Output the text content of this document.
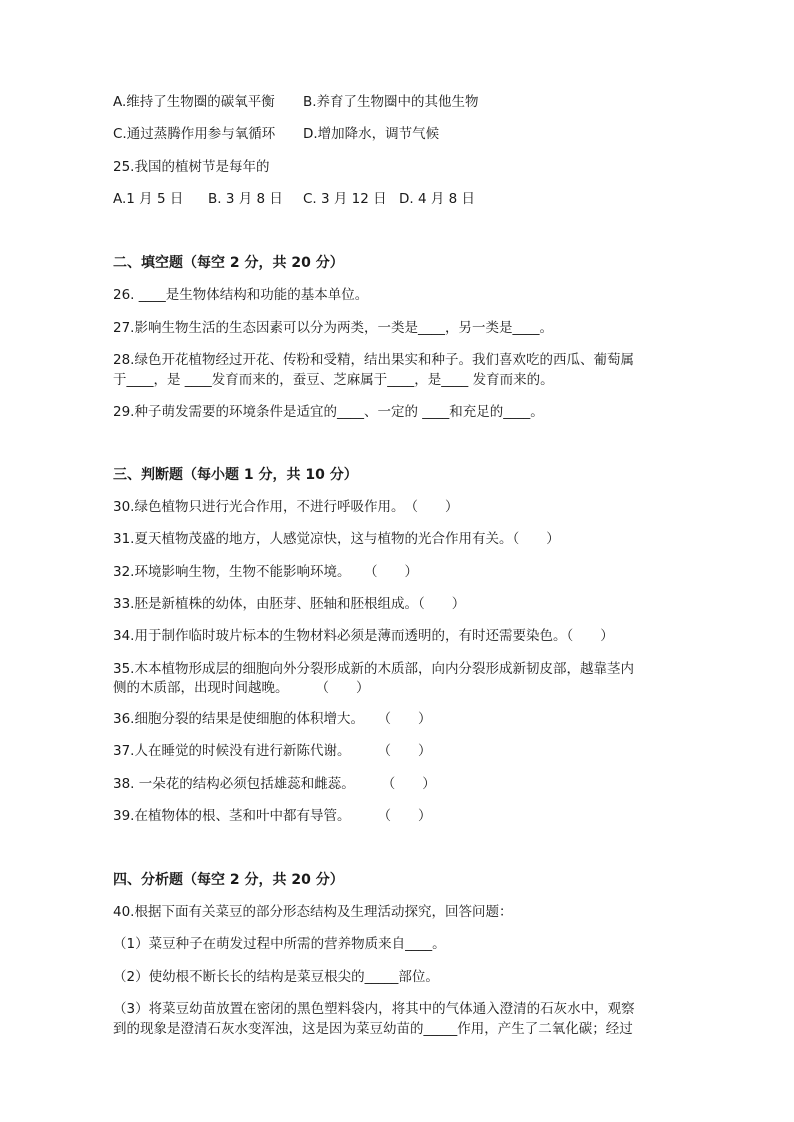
A.维持了生物圈的碳氧平衡 B.养育了生物圈中的其他生物

C.通过蒸腾作用参与氧循环 D.增加降水，调节气候

25.我国的植树节是每年的

A.1 月 5 日 B. 3 月 8 日 C. 3 月 12 日 D. 4 月 8 日

二、填空题（每空 2 分，共 20 分）

26. ____是生物体结构和功能的基本单位。

27.影响生物生活的生态因素可以分为两类，一类是____，另一类是____。

28.绿色开花植物经过开花、传粉和受精，结出果实和种子。我们喜欢吃的西瓜、葡萄属

于____，是 ____发育而来的，蚕豆、芝麻属于____，是____ 发育而来的。

29.种子萌发需要的环境条件是适宜的____、一定的 ____和充足的____。

三、判断题（每小题 1 分，共 10 分）

30.绿色植物只进行光合作用，不进行呼吸作用。　（　　）

31.夏天植物茂盛的地方，人感觉凉快，这与植物的光合作用有关。（　　）

32.环境影响生物，生物不能影响环境。　　（　　）

33.胚是新植株的幼体，由胚芽、胚轴和胚根组成。（　　）

34.用于制作临时玻片标本的生物材料必须是薄而透明的，有时还需要染色。（　　）

35.木本植物形成层的细胞向外分裂形成新的木质部，向内分裂形成新韧皮部，越靠茎内

侧的木质部，出现时间越晚。　　　（　　）

36.细胞分裂的结果是使细胞的体积增大。　　（　　）

37.人在睡觉的时候没有进行新陈代谢。　　　（　　）

38. 一朵花的结构必须包括雄蕊和雌蕊。　　　（　　）

39.在植物体的根、茎和叶中都有导管。　　　（　　）

四、分析题（每空 2 分，共 20 分）

40.根据下面有关菜豆的部分形态结构及生理活动探究，回答问题：

（1）菜豆种子在萌发过程中所需的营养物质来自____。

（2）使幼根不断长长的结构是菜豆根尖的_____部位。

（3）将菜豆幼苗放置在密闭的黑色塑料袋内，将其中的气体通入澄清的石灰水中，观察

到的现象是澄清石灰水变浑浊，这是因为菜豆幼苗的_____作用，产生了二氧化碳；经过
